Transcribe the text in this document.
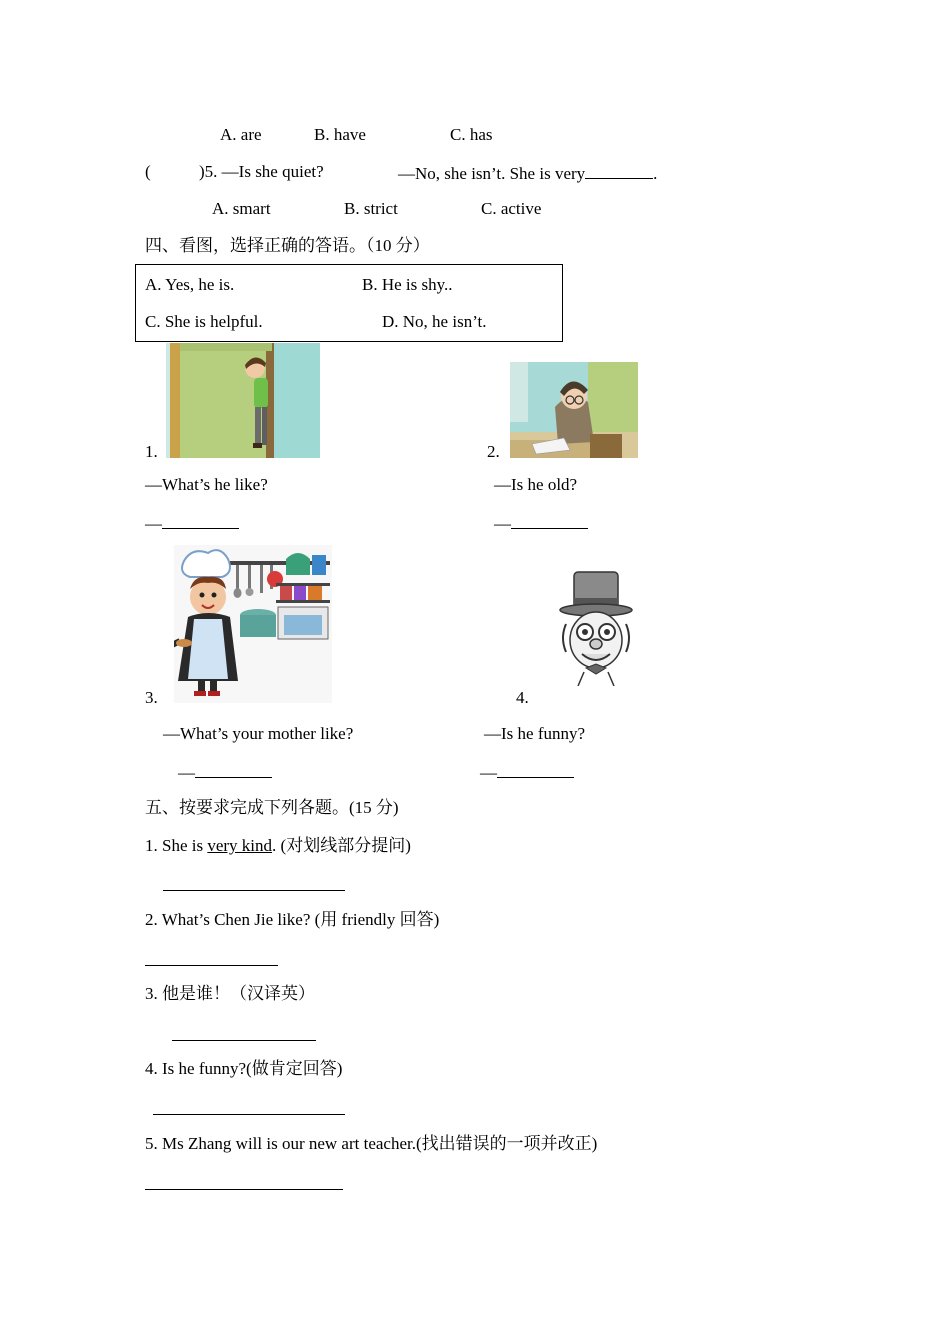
A. are	B. have	C. has
(	)5. —Is she quiet?	—No, she isn’t. She is very	.
A. smart	B. strict	C. active
四、看图，选择正确的答语。（10 分）
A. Yes, he is.	B. He is shy..
C. She is helpful.	D. No, he isn’t.
1.	2.
—What’s he like?	—Is he old?
—	—
3.	4.
—What’s your mother like?	—Is he funny?
—	—
五、按要求完成下列各题。(15 分)
1. She is very kind. (对划线部分提问)
2. What’s Chen Jie like? (用 friendly 回答)
3. 他是谁！（汉译英）
4. Is he funny?(做肯定回答)
5. Ms Zhang will is our new art teacher.(找出错误的一项并改正)
